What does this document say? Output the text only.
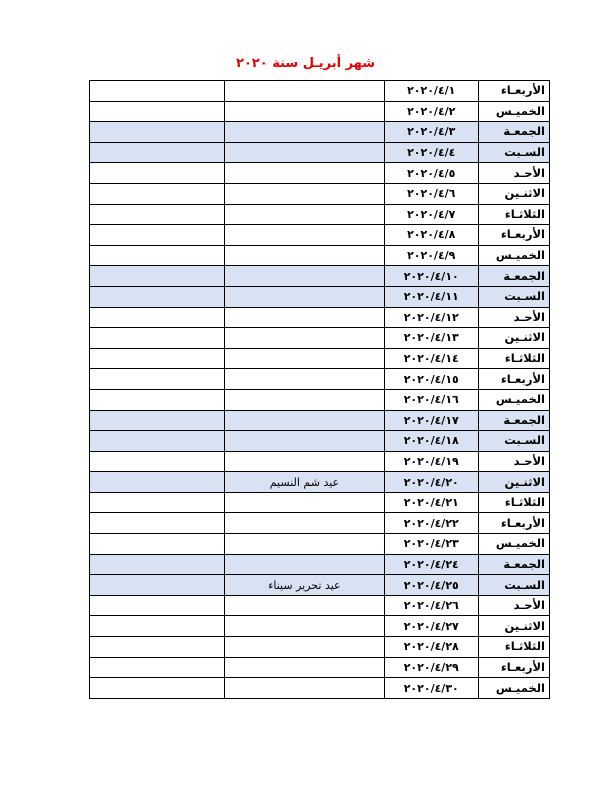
شهر أبريـل سنة ٢٠٢٠
الأربعـاء	٢٠٢٠/٤/١		
الخميـس	٢٠٢٠/٤/٢		
الجمعـة	٢٠٢٠/٤/٣		
السـبت	٢٠٢٠/٤/٤		
الأحـد	٢٠٢٠/٤/٥		
الاثنـين	٢٠٢٠/٤/٦		
الثلاثـاء	٢٠٢٠/٤/٧		
الأربعـاء	٢٠٢٠/٤/٨		
الخميـس	٢٠٢٠/٤/٩		
الجمعـة	٢٠٢٠/٤/١٠		
السـبت	٢٠٢٠/٤/١١		
الأحـد	٢٠٢٠/٤/١٢		
الاثنـين	٢٠٢٠/٤/١٣		
الثلاثـاء	٢٠٢٠/٤/١٤		
الأربعـاء	٢٠٢٠/٤/١٥		
الخميـس	٢٠٢٠/٤/١٦		
الجمعـة	٢٠٢٠/٤/١٧		
السـبت	٢٠٢٠/٤/١٨		
الأحـد	٢٠٢٠/٤/١٩		
الاثنـين	٢٠٢٠/٤/٢٠	عيد شم النسيم	
الثلاثـاء	٢٠٢٠/٤/٢١		
الأربعـاء	٢٠٢٠/٤/٢٢		
الخميـس	٢٠٢٠/٤/٢٣		
الجمعـة	٢٠٢٠/٤/٢٤		
السـبت	٢٠٢٠/٤/٢٥	عيد تحرير سيناء	
الأحـد	٢٠٢٠/٤/٢٦		
الاثنـين	٢٠٢٠/٤/٢٧		
الثلاثـاء	٢٠٢٠/٤/٢٨		
الأربعـاء	٢٠٢٠/٤/٢٩		
الخميـس	٢٠٢٠/٤/٣٠		
